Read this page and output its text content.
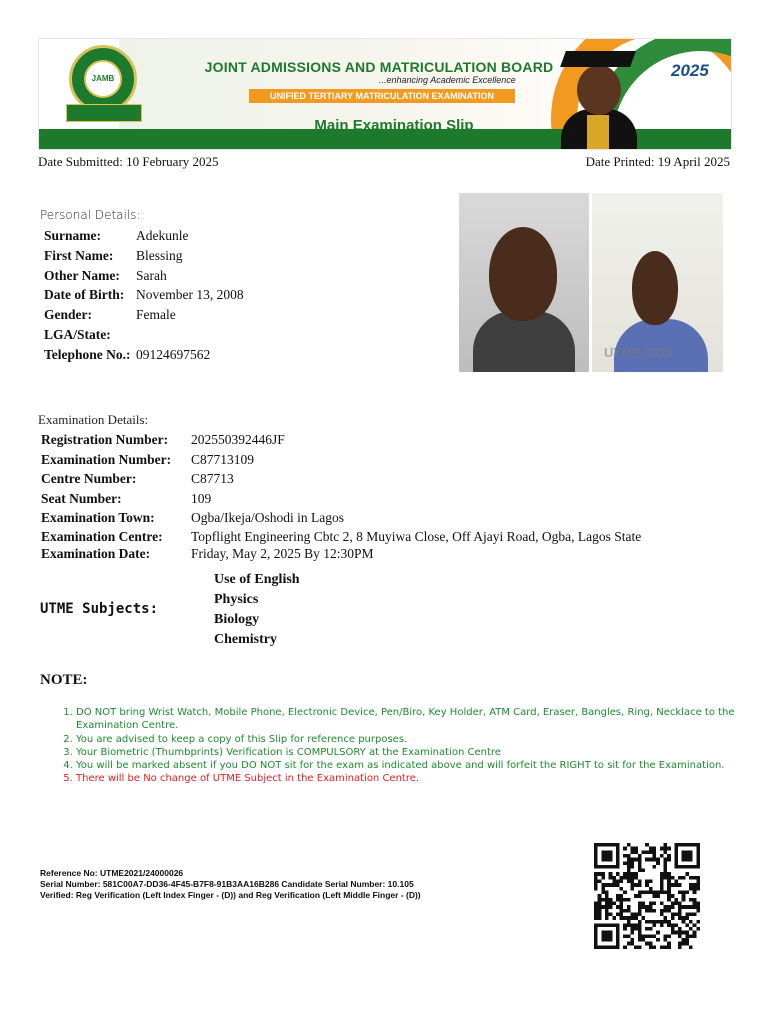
JAMB
JOINT ADMISSIONS AND MATRICULATION BOARD
...enhancing Academic Excellence
UNIFIED TERTIARY MATRICULATION EXAMINATION
Main Examination Slip
2025
Date Submitted: 10 February 2025	Date Printed: 19 April 2025
Personal Details:
Surname:	Adekunle
First Name:	Blessing
Other Name:	Sarah
Date of Birth:	November 13, 2008
Gender:	Female
LGA/State:	
Telephone No.:	09124697562	UTME 2025
Examination Details:
Registration Number:	202550392446JF
Examination Number:	C87713109
Centre Number:	C87713
Seat Number:	109
Examination Town:	Ogba/Ikeja/Oshodi in Lagos
Examination Centre:	Topflight Engineering Cbtc 2, 8 Muyiwa Close, Off Ajayi Road, Ogba, Lagos State
Examination Date:	Friday, May 2, 2025 By 12:30PM
UTME Subjects:
Use of English
Physics
Biology
Chemistry
NOTE:
1. DO NOT bring Wrist Watch, Mobile Phone, Electronic Device, Pen/Biro, Key Holder, ATM Card, Eraser, Bangles, Ring, Necklace to the Examination Centre.
2. You are advised to keep a copy of this Slip for reference purposes.
3. Your Biometric (Thumbprints) Verification is COMPULSORY at the Examination Centre
4. You will be marked absent if you DO NOT sit for the exam as indicated above and will forfeit the RIGHT to sit for the Examination.
5. There will be No change of UTME Subject in the Examination Centre.
Reference No: UTME2021/24000026
Serial Number: 581C00A7-DD36-4F45-B7F8-91B3AA16B286 Candidate Serial Number: 10.105
Verified: Reg Verification (Left Index Finger - (D)) and Reg Verification (Left Middle Finger - (D))
